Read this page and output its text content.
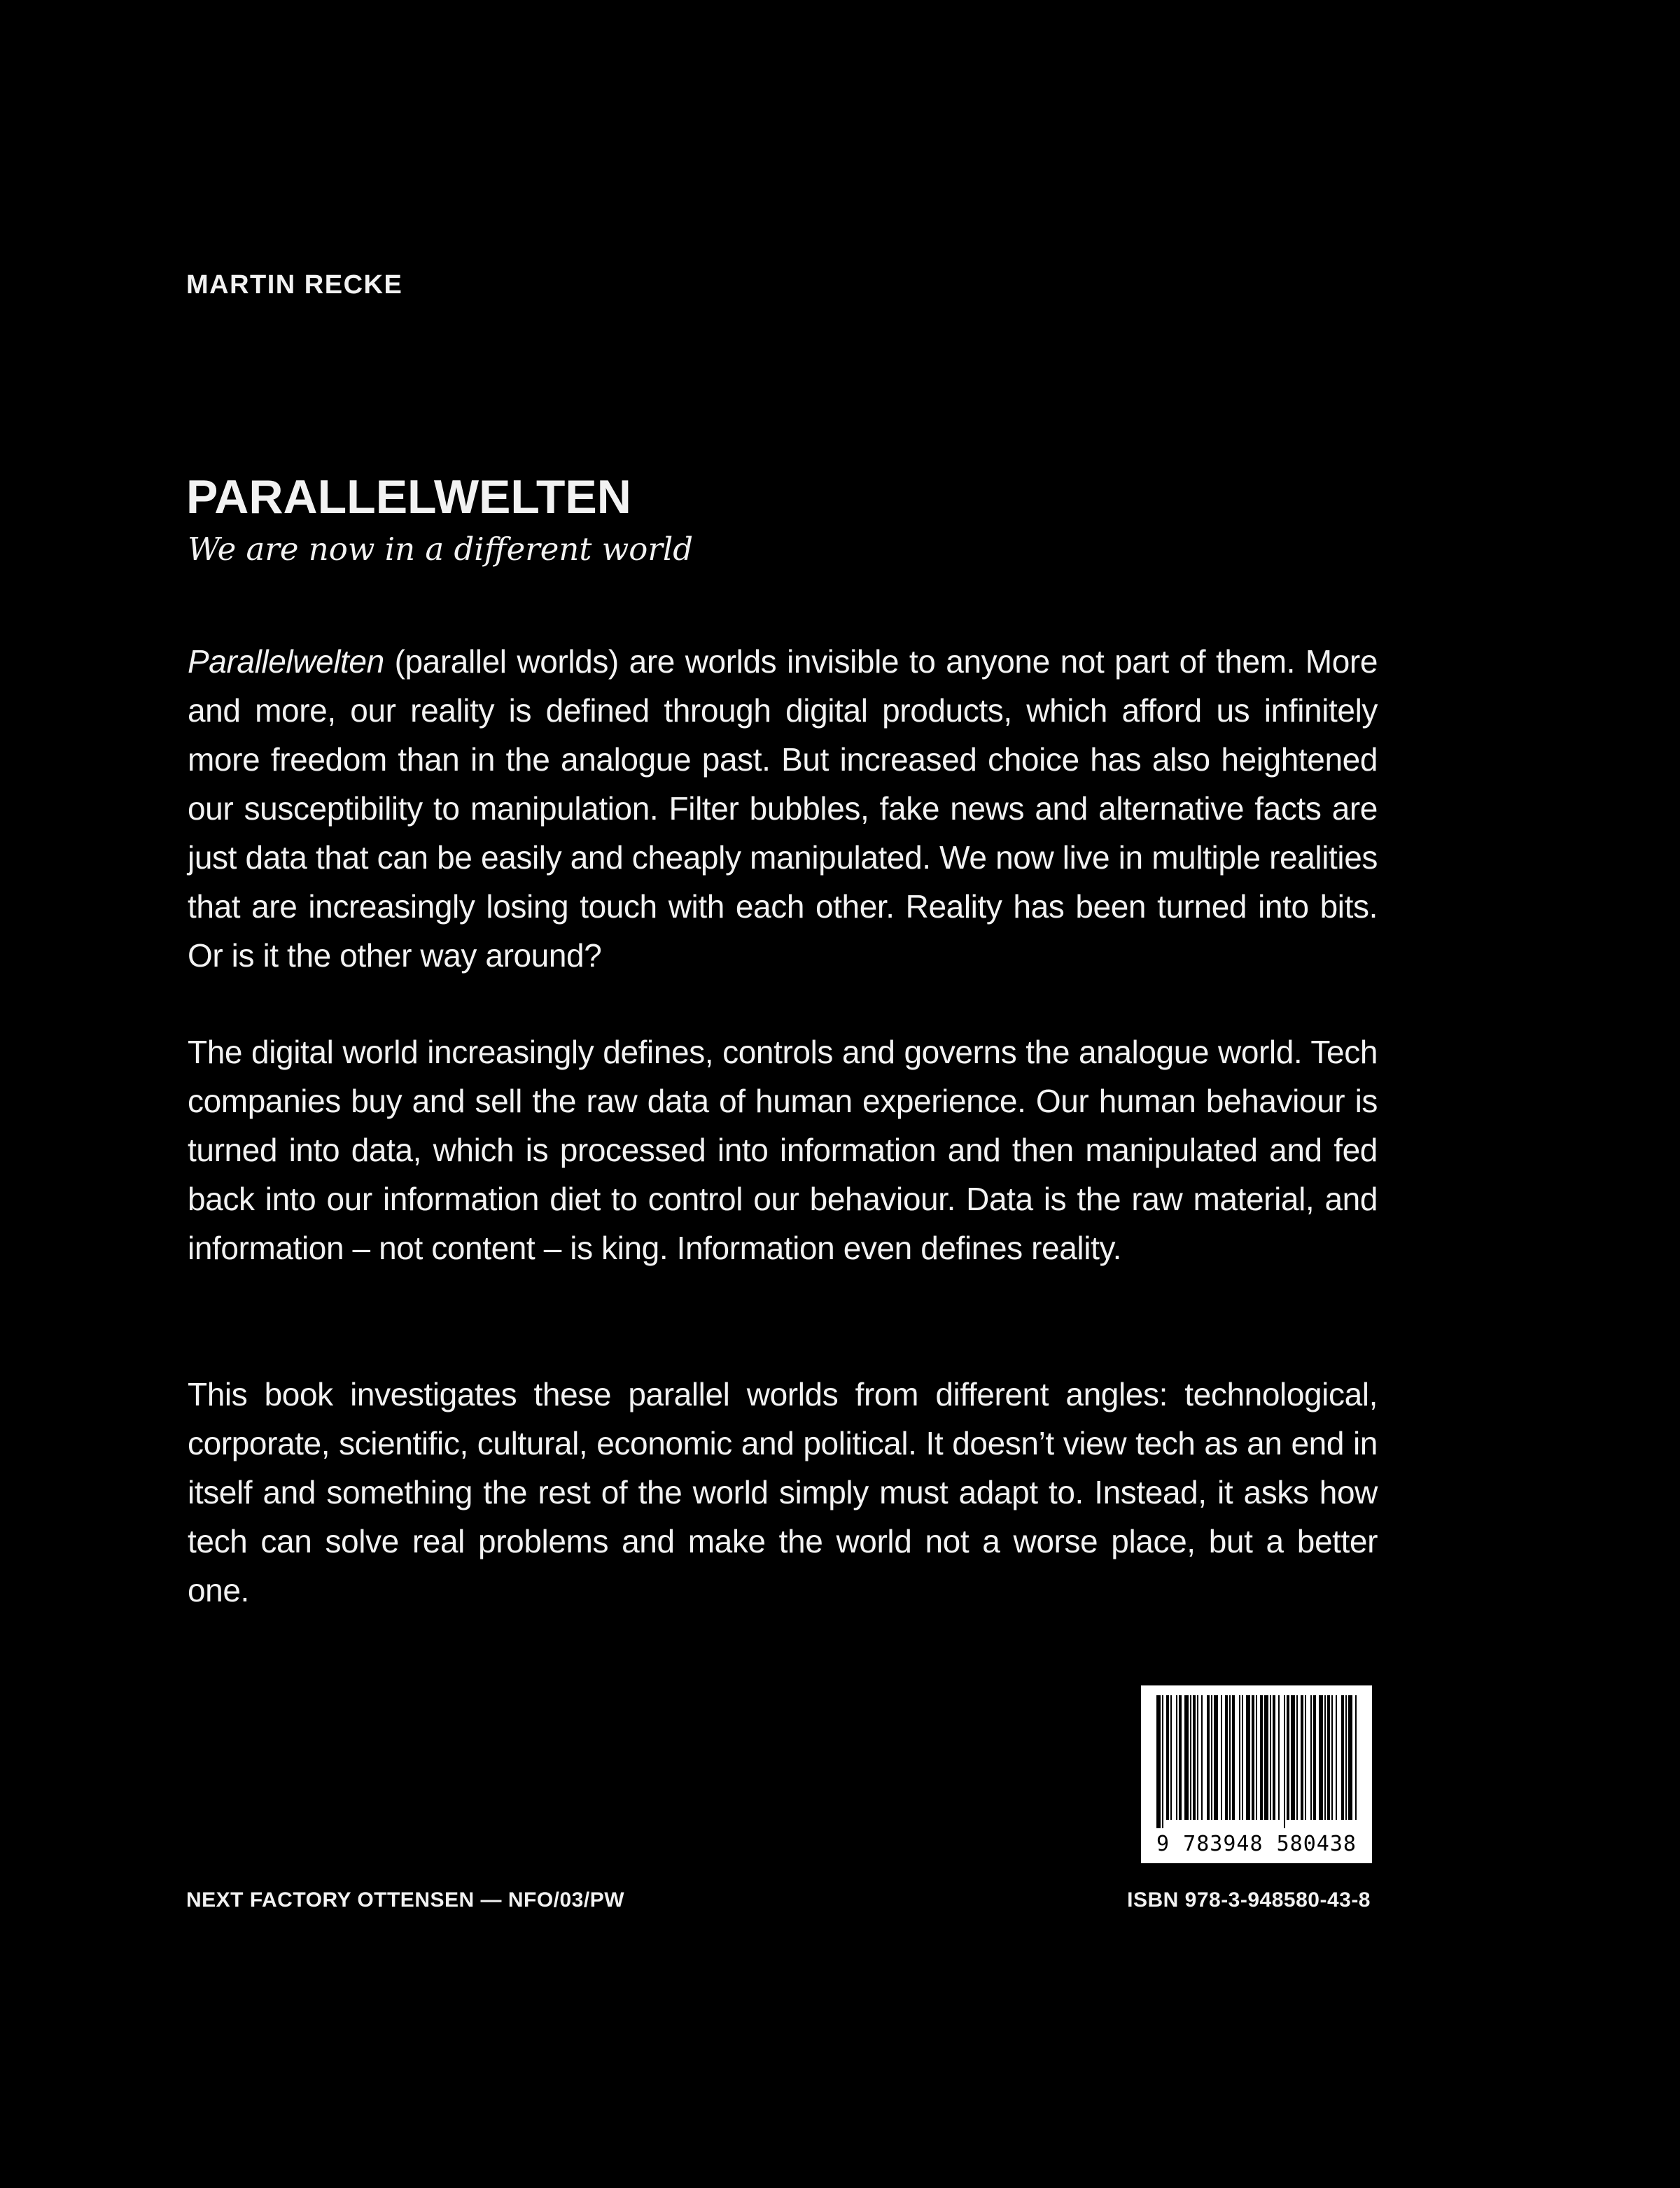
MARTIN RECKE

PARALLELWELTEN

We are now in a different world

Parallelwelten (parallel worlds) are worlds invisible to anyone not part of them. More and more, our reality is defined through digital products, which afford us infinitely more freedom than in the analogue past. But increased choice has also heightened our susceptibility to manipulation. Filter bubbles, fake news and alternative facts are just data that can be easily and cheaply manipulated. We now live in multiple realities that are increasingly losing touch with each other. Reality has been turned into bits. Or is it the other way around?

The digital world increasingly defines, controls and governs the analogue world. Tech companies buy and sell the raw data of human experience. Our human behaviour is turned into data, which is processed into information and then manipulated and fed back into our information diet to control our behaviour. Data is the raw material, and information – not content – is king. Information even defines reality.

This book investigates these parallel worlds from different angles: technological, corporate, scientific, cultural, economic and political. It doesn’t view tech as an end in itself and something the rest of the world simply must adapt to. Instead, it asks how tech can solve real problems and make the world not a worse place, but a better one.

9 783948 580438

NEXT FACTORY OTTENSEN — NFO/03/PW	ISBN 978-3-948580-43-8
